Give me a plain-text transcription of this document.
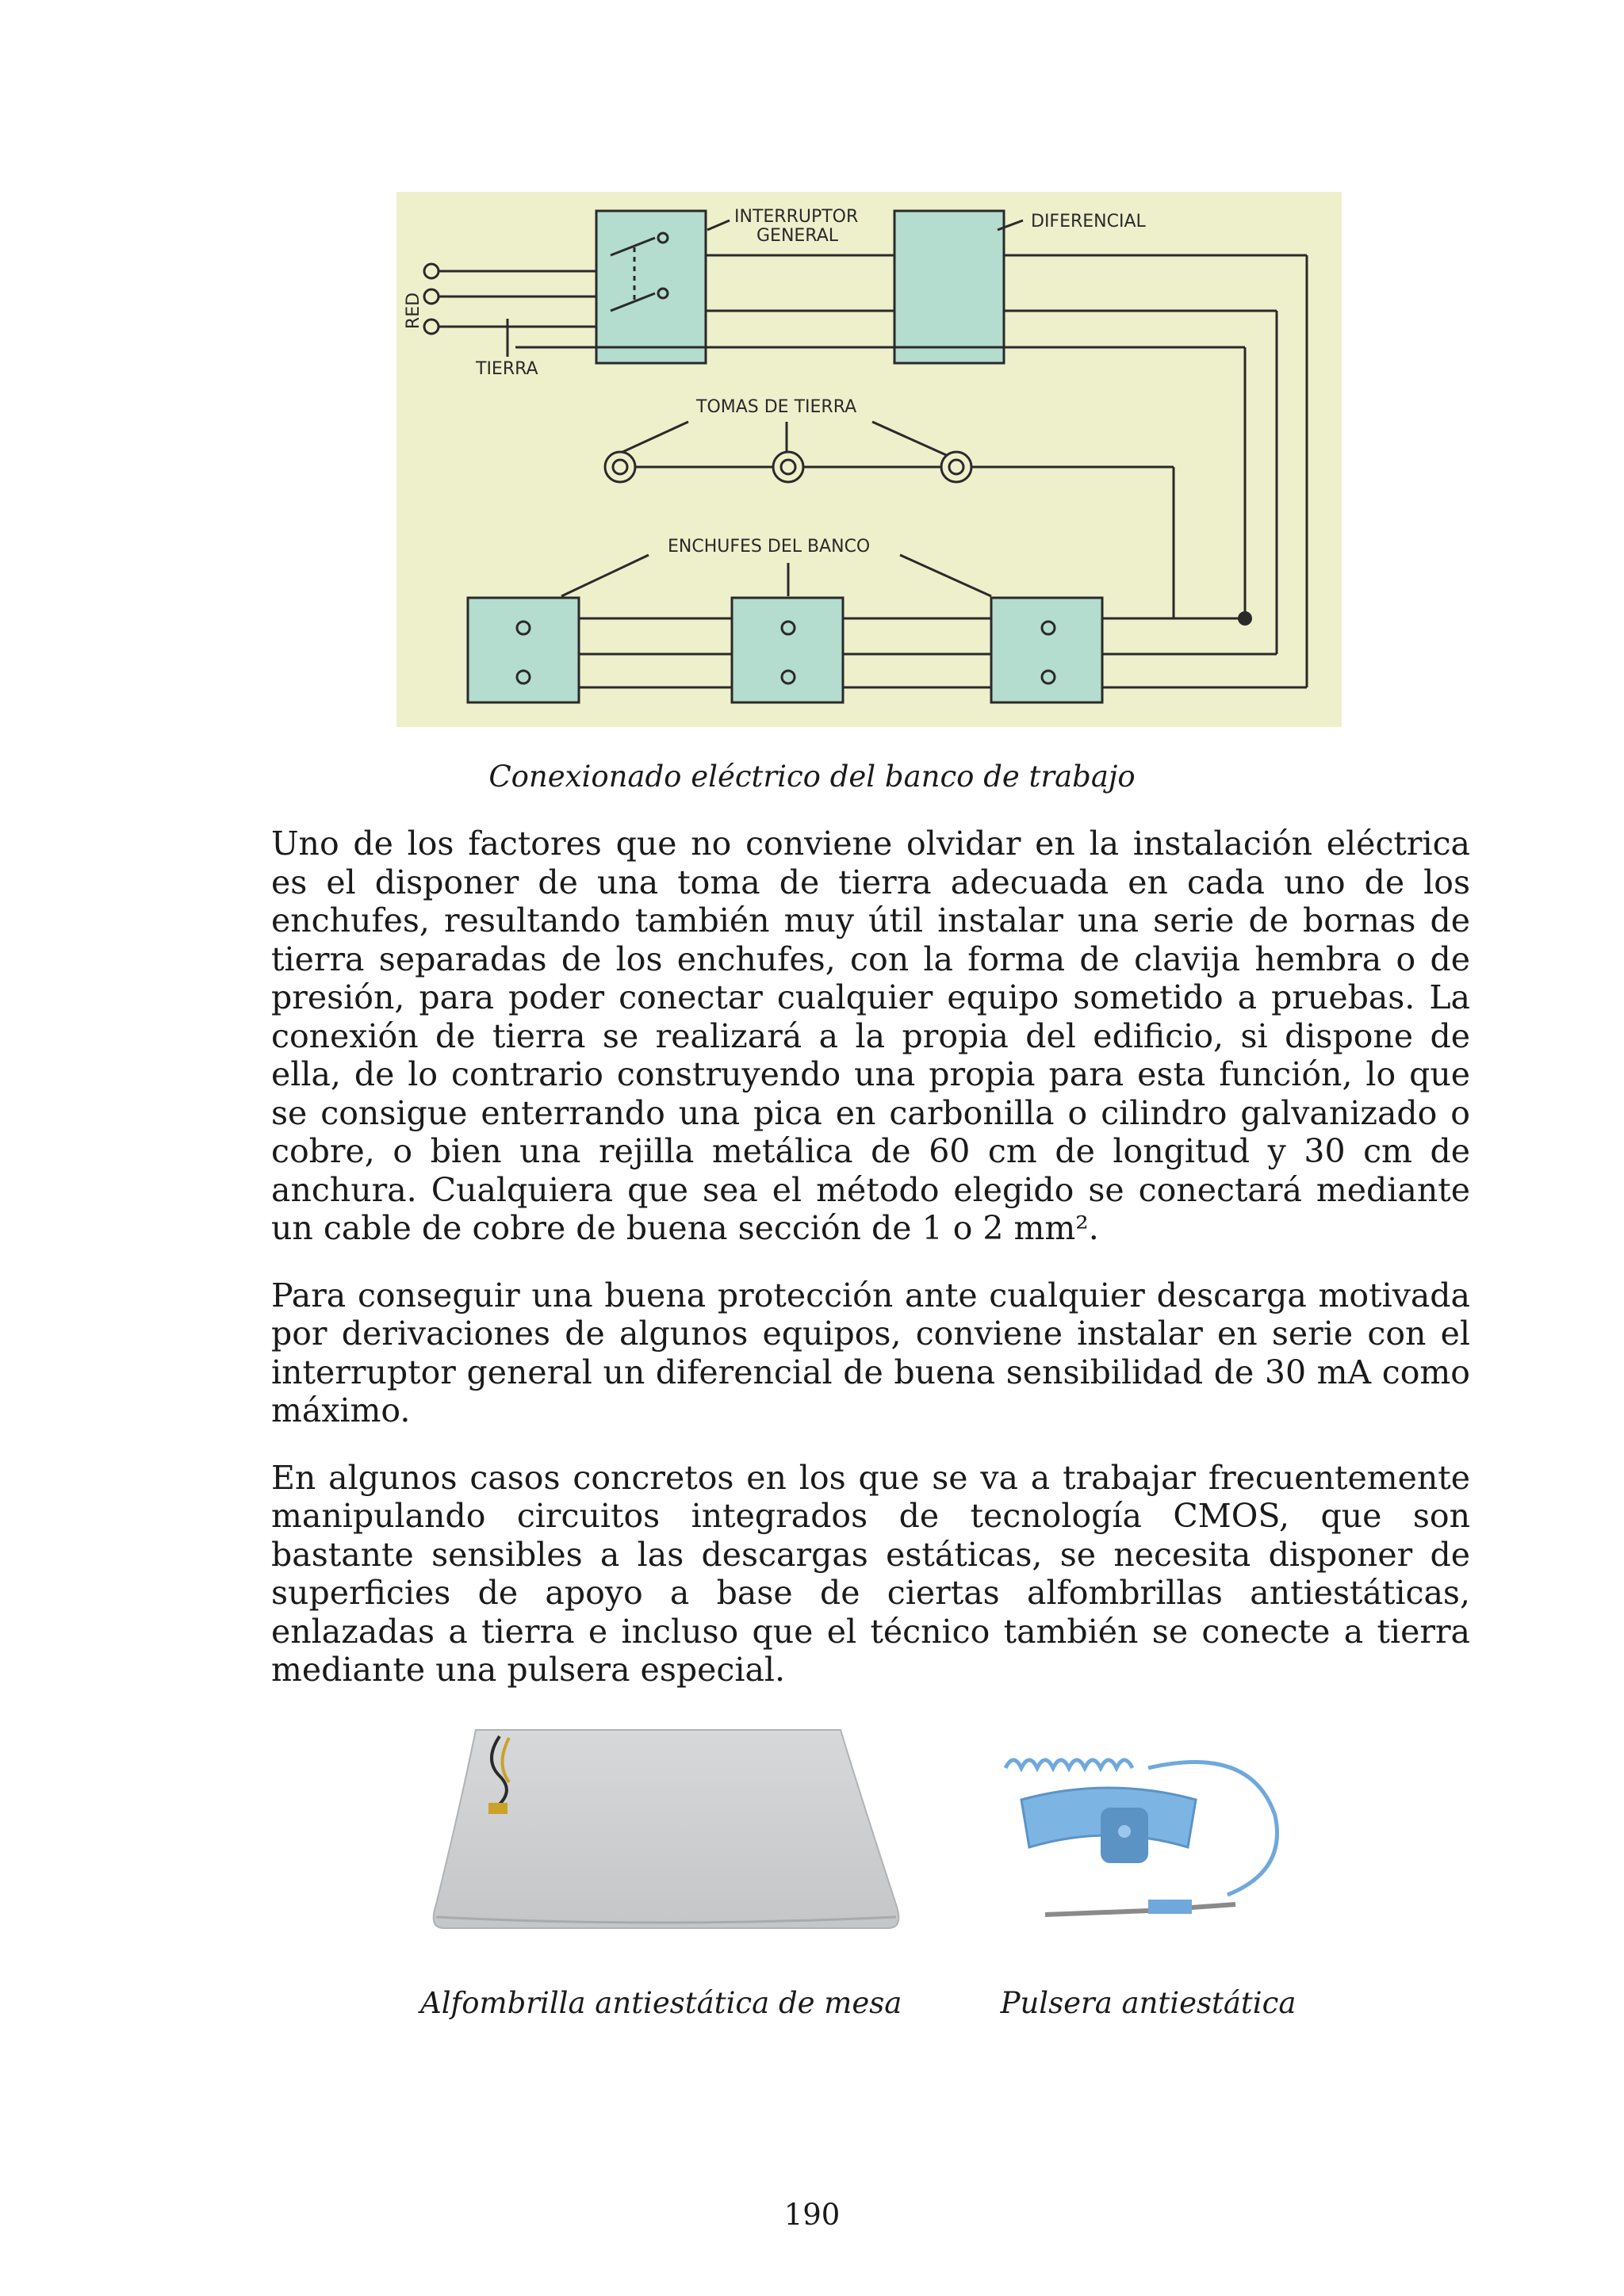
RED
TIERRA
INTERRUPTOR
GENERAL
DIFERENCIAL
TOMAS DE TIERRA
ENCHUFES DEL BANCO
Conexionado eléctrico del banco de trabajo

Uno de los factores que no conviene olvidar en la instalación eléctrica es el disponer de una toma de tierra adecuada en cada uno de los enchufes, resultando también muy útil instalar una serie de bornas de tierra separadas de los enchufes, con la forma de clavija hembra o de presión, para poder conectar cualquier equipo sometido a pruebas. La conexión de tierra se realizará a la propia del edificio, si dispone de ella, de lo contrario construyendo una propia para esta función, lo que se consigue enterrando una pica en carbonilla o cilindro galvanizado o cobre, o bien una rejilla metálica de 60 cm de longitud y 30 cm de anchura. Cualquiera que sea el método elegido se conectará mediante un cable de cobre de buena sección de 1 o 2 mm².

Para conseguir una buena protección ante cualquier descarga motivada por derivaciones de algunos equipos, conviene instalar en serie con el interruptor general un diferencial de buena sensibilidad de 30 mA como máximo.

En algunos casos concretos en los que se va a trabajar frecuentemente manipulando circuitos integrados de tecnología CMOS, que son bastante sensibles a las descargas estáticas, se necesita disponer de superficies de apoyo a base de ciertas alfombrillas antiestáticas, enlazadas a tierra e incluso que el técnico también se conecte a tierra mediante una pulsera especial.

Alfombrilla antiestática de mesa	Pulsera antiestática
190
